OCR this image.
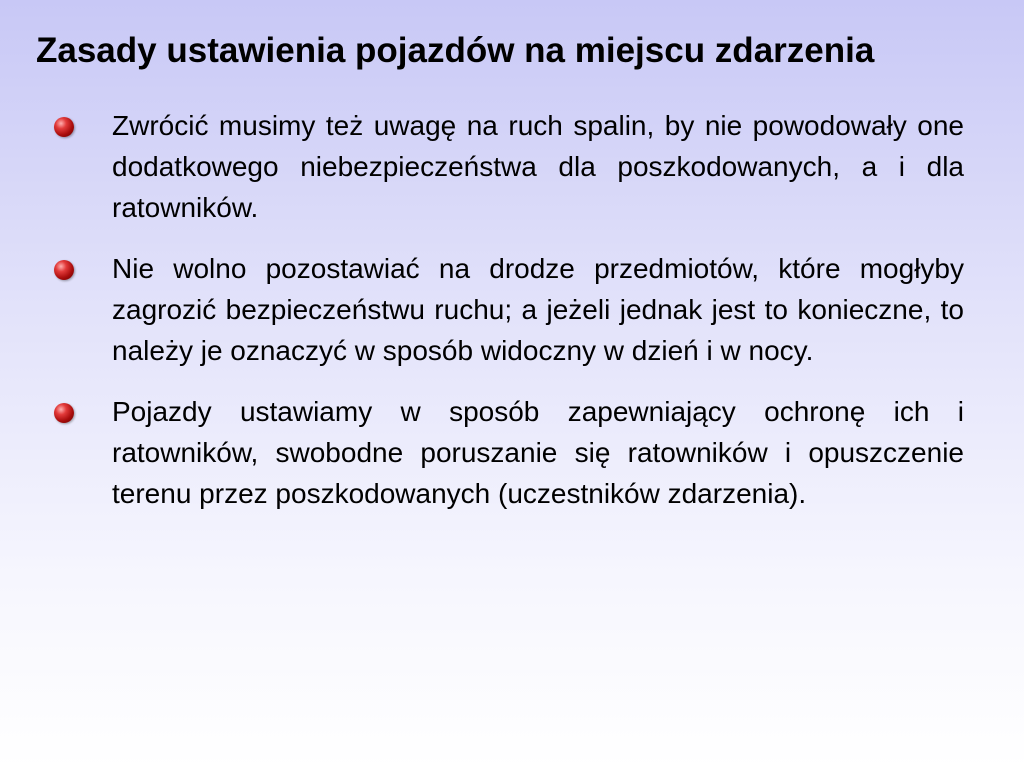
Zasady ustawienia pojazdów na miejscu zdarzenia
Zwrócić musimy też uwagę na ruch spalin, by nie powodowały one dodatkowego niebezpieczeństwa dla poszkodowanych, a i dla ratowników.
Nie wolno pozostawiać na drodze przedmiotów, które mogłyby zagrozić bezpieczeństwu ruchu; a jeżeli jednak jest to konieczne, to należy je oznaczyć w sposób widoczny w dzień i w nocy.
Pojazdy ustawiamy w sposób zapewniający ochronę ich i ratowników, swobodne poruszanie się ratowników i opuszczenie terenu przez poszkodowanych (uczestników zdarzenia).
